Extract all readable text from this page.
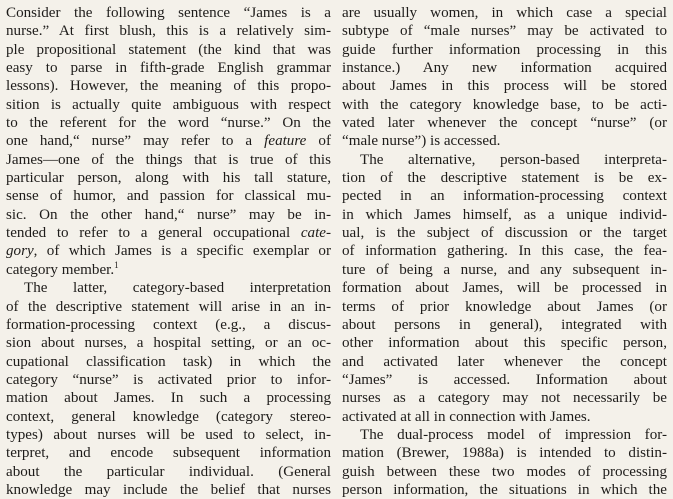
Consider the following sentence “James is a
nurse.” At first blush, this is a relatively sim-
ple propositional statement (the kind that was
easy to parse in fifth-grade English grammar
lessons). However, the meaning of this propo-
sition is actually quite ambiguous with respect
to the referent for the word “nurse.” On the
one hand,“ nurse” may refer to a feature of
James—one of the things that is true of this
particular person, along with his tall stature,
sense of humor, and passion for classical mu-
sic. On the other hand,“ nurse” may be in-
tended to refer to a general occupational cate-
gory, of which James is a specific exemplar or
category member.$^1$
The latter, category-based interpretation
of the descriptive statement will arise in an in-
formation-processing context (e.g., a discus-
sion about nurses, a hospital setting, or an oc-
cupational classification task) in which the
category “nurse” is activated prior to infor-
mation about James. In such a processing
context, general knowledge (category stereo-
types) about nurses will be used to select, in-
terpret, and encode subsequent information
about the particular individual. (General
knowledge may include the belief that nurses
are usually women, in which case a special
subtype of “male nurses” may be activated to
guide further information processing in this
instance.) Any new information acquired
about James in this process will be stored
with the category knowledge base, to be acti-
vated later whenever the concept “nurse” (or
“male nurse”) is accessed.
The alternative, person-based interpreta-
tion of the descriptive statement is be ex-
pected in an information-processing context
in which James himself, as a unique individ-
ual, is the subject of discussion or the target
of information gathering. In this case, the fea-
ture of being a nurse, and any subsequent in-
formation about James, will be processed in
terms of prior knowledge about James (or
about persons in general), integrated with
other information about this specific person,
and activated later whenever the concept
“James” is accessed. Information about
nurses as a category may not necessarily be
activated at all in connection with James.
The dual-process model of impression for-
mation (Brewer, 1988a) is intended to distin-
guish between these two modes of processing
person information, the situations in which the
